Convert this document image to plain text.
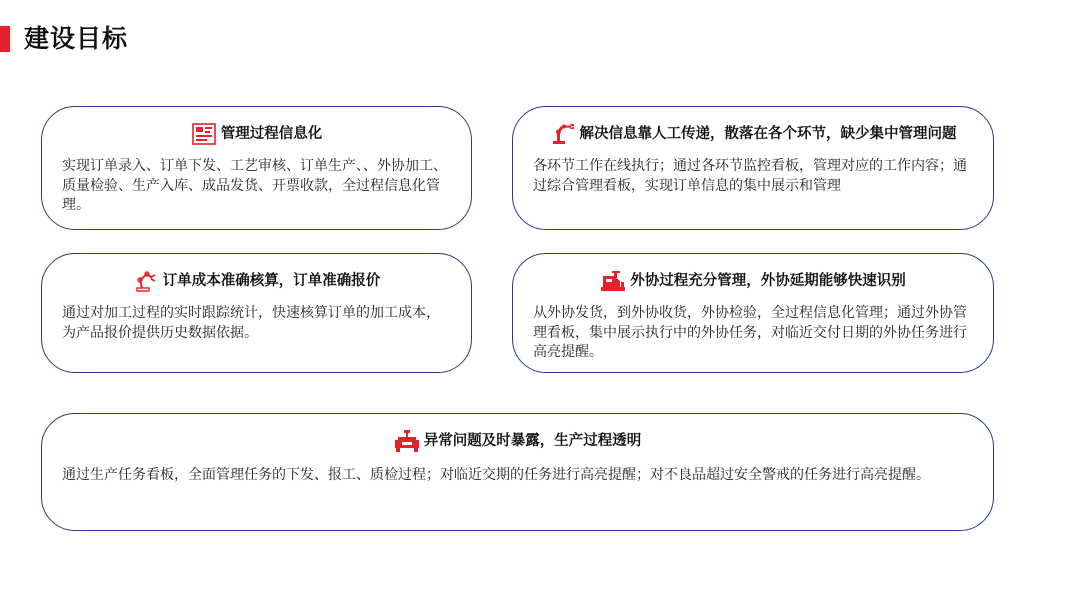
建设目标
管理过程信息化
实现订单录入、订单下发、工艺审核、订单生产、、外协加工、质量检验、生产入库、成品发货、开票收款，全过程信息化管理。
解决信息靠人工传递，散落在各个环节，缺少集中管理问题
各环节工作在线执行；通过各环节监控看板，管理对应的工作内容；通过综合管理看板，实现订单信息的集中展示和管理
订单成本准确核算，订单准确报价
通过对加工过程的实时跟踪统计，快速核算订单的加工成本，为产品报价提供历史数据依据。
外协过程充分管理，外协延期能够快速识别
从外协发货，到外协收货，外协检验，全过程信息化管理；通过外协管理看板，集中展示执行中的外协任务，对临近交付日期的外协任务进行高亮提醒。
异常问题及时暴露，生产过程透明
通过生产任务看板，全面管理任务的下发、报工、质检过程；对临近交期的任务进行高亮提醒；对不良品超过安全警戒的任务进行高亮提醒。
